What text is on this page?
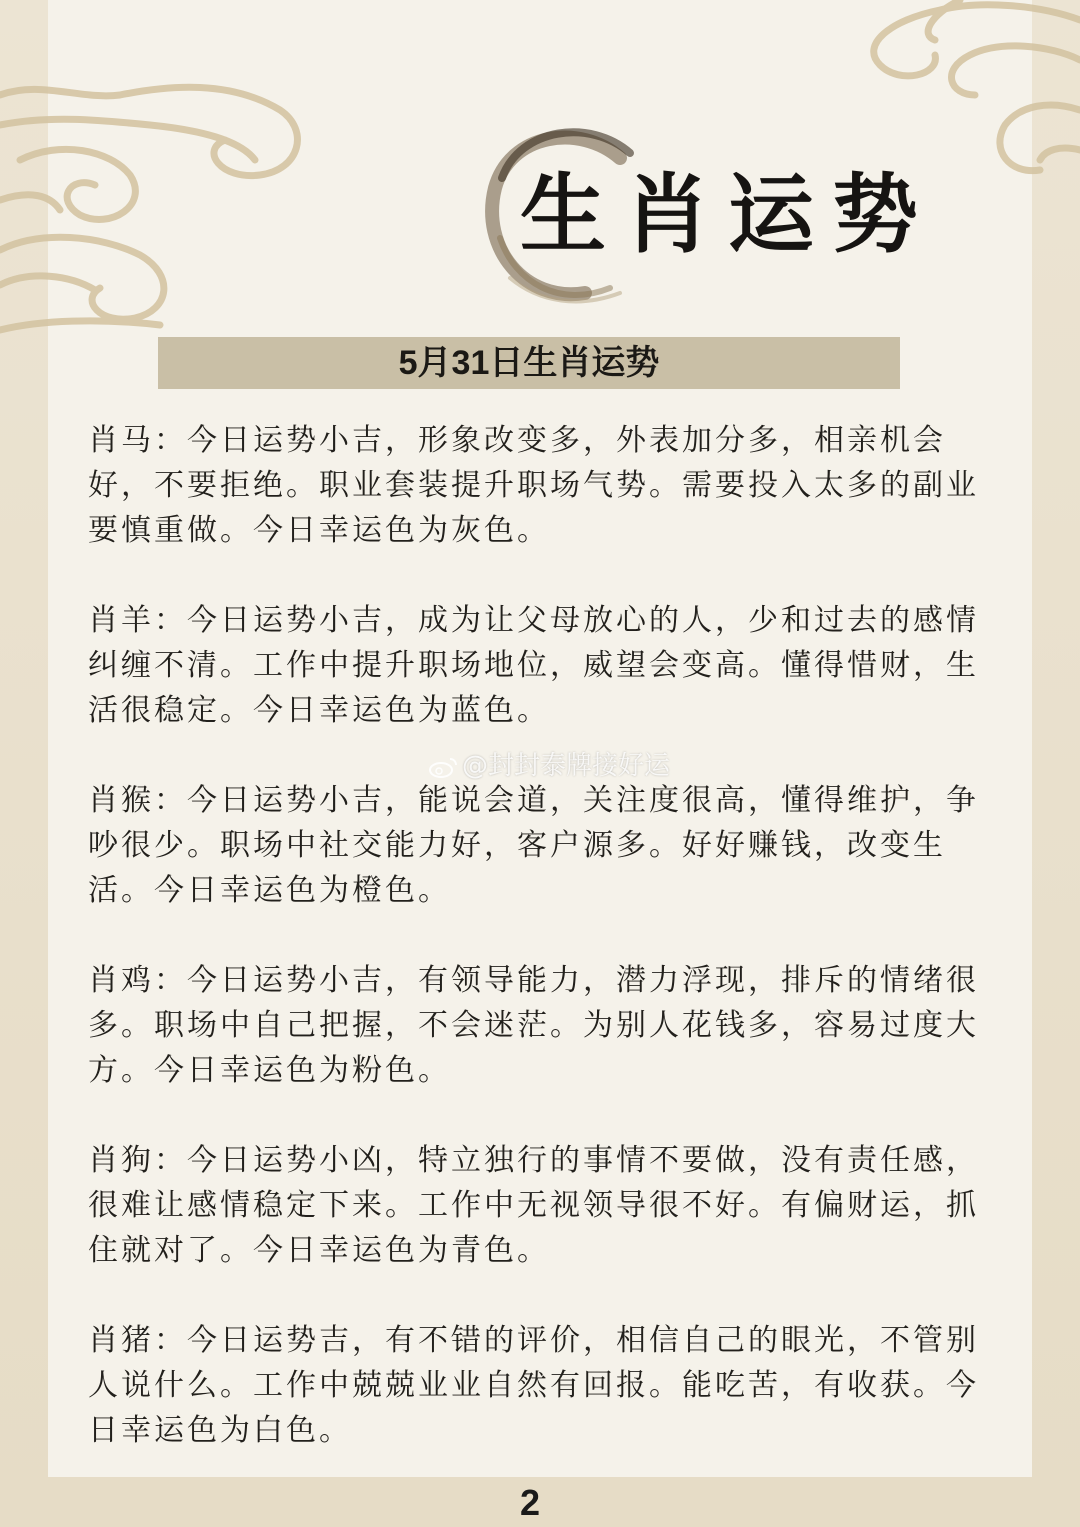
生肖运势
5月31日生肖运势
肖马：今日运势小吉，形象改变多，外表加分多，相亲机会
好，不要拒绝。职业套装提升职场气势。需要投入太多的副业
要慎重做。今日幸运色为灰色。
肖羊：今日运势小吉，成为让父母放心的人，少和过去的感情
纠缠不清。工作中提升职场地位，威望会变高。懂得惜财，生
活很稳定。今日幸运色为蓝色。
肖猴：今日运势小吉，能说会道，关注度很高，懂得维护，争
吵很少。职场中社交能力好，客户源多。好好赚钱，改变生
活。今日幸运色为橙色。
肖鸡：今日运势小吉，有领导能力，潜力浮现，排斥的情绪很
多。职场中自己把握，不会迷茫。为别人花钱多，容易过度大
方。今日幸运色为粉色。
肖狗：今日运势小凶，特立独行的事情不要做，没有责任感，
很难让感情稳定下来。工作中无视领导很不好。有偏财运，抓
住就对了。今日幸运色为青色。
肖猪：今日运势吉，有不错的评价，相信自己的眼光，不管别
人说什么。工作中兢兢业业自然有回报。能吃苦，有收获。今
日幸运色为白色。
@封封泰牌接好运
2
